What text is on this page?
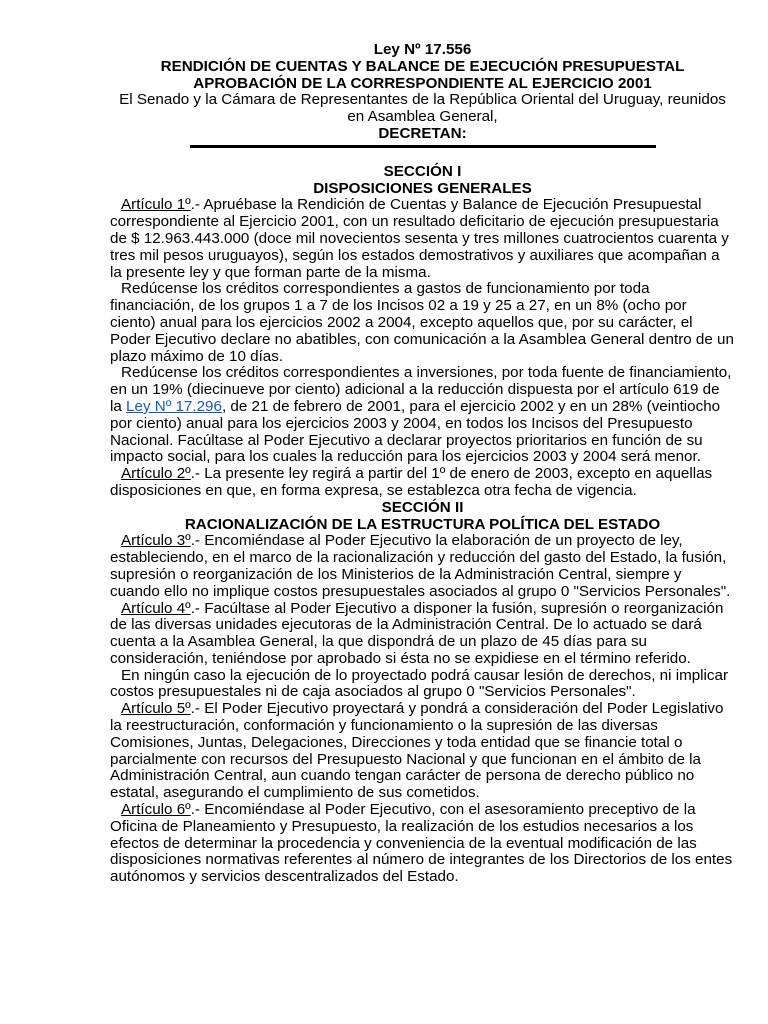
Ley Nº 17.556
RENDICIÓN DE CUENTAS Y BALANCE DE EJECUCIÓN PRESUPUESTAL
APROBACIÓN DE LA CORRESPONDIENTE AL EJERCICIO 2001
El Senado y la Cámara de Representantes de la República Oriental del Uruguay, reunidos en Asamblea General,
DECRETAN:
SECCIÓN I
DISPOSICIONES GENERALES

Artículo 1º.- Apruébase la Rendición de Cuentas y Balance de Ejecución Presupuestal correspondiente al Ejercicio 2001, con un resultado deficitario de ejecución presupuestaria de $ 12.963.443.000 (doce mil novecientos sesenta y tres millones cuatrocientos cuarenta y tres mil pesos uruguayos), según los estados demostrativos y auxiliares que acompañan a la presente ley y que forman parte de la misma.

Redúcense los créditos correspondientes a gastos de funcionamiento por toda financiación, de los grupos 1 a 7 de los Incisos 02 a 19 y 25 a 27, en un 8% (ocho por ciento) anual para los ejercicios 2002 a 2004, excepto aquellos que, por su carácter, el Poder Ejecutivo declare no abatibles, con comunicación a la Asamblea General dentro de un plazo máximo de 10 días.

Redúcense los créditos correspondientes a inversiones, por toda fuente de financiamiento, en un 19% (diecinueve por ciento) adicional a la reducción dispuesta por el artículo 619 de la Ley Nº 17.296, de 21 de febrero de 2001, para el ejercicio 2002 y en un 28% (veintiocho por ciento) anual para los ejercicios 2003 y 2004, en todos los Incisos del Presupuesto Nacional. Facúltase al Poder Ejecutivo a declarar proyectos prioritarios en función de su impacto social, para los cuales la reducción para los ejercicios 2003 y 2004 será menor.

Artículo 2º.- La presente ley regirá a partir del 1º de enero de 2003, excepto en aquellas disposiciones en que, en forma expresa, se establezca otra fecha de vigencia.

SECCIÓN II
RACIONALIZACIÓN DE LA ESTRUCTURA POLÍTICA DEL ESTADO

Artículo 3º.- Encomiéndase al Poder Ejecutivo la elaboración de un proyecto de ley, estableciendo, en el marco de la racionalización y reducción del gasto del Estado, la fusión, supresión o reorganización de los Ministerios de la Administración Central, siempre y cuando ello no implique costos presupuestales asociados al grupo 0 "Servicios Personales".

Artículo 4º.- Facúltase al Poder Ejecutivo a disponer la fusión, supresión o reorganización de las diversas unidades ejecutoras de la Administración Central. De lo actuado se dará cuenta a la Asamblea General, la que dispondrá de un plazo de 45 días para su consideración, teniéndose por aprobado si ésta no se expidiese en el término referido.

En ningún caso la ejecución de lo proyectado podrá causar lesión de derechos, ni implicar costos presupuestales ni de caja asociados al grupo 0 "Servicios Personales".

Artículo 5º.- El Poder Ejecutivo proyectará y pondrá a consideración del Poder Legislativo la reestructuración, conformación y funcionamiento o la supresión de las diversas Comisiones, Juntas, Delegaciones, Direcciones y toda entidad que se financie total o parcialmente con recursos del Presupuesto Nacional y que funcionan en el ámbito de la Administración Central, aun cuando tengan carácter de persona de derecho público no estatal, asegurando el cumplimiento de sus cometidos.

Artículo 6º.- Encomiéndase al Poder Ejecutivo, con el asesoramiento preceptivo de la Oficina de Planeamiento y Presupuesto, la realización de los estudios necesarios a los efectos de determinar la procedencia y conveniencia de la eventual modificación de las disposiciones normativas referentes al número de integrantes de los Directorios de los entes autónomos y servicios descentralizados del Estado.
